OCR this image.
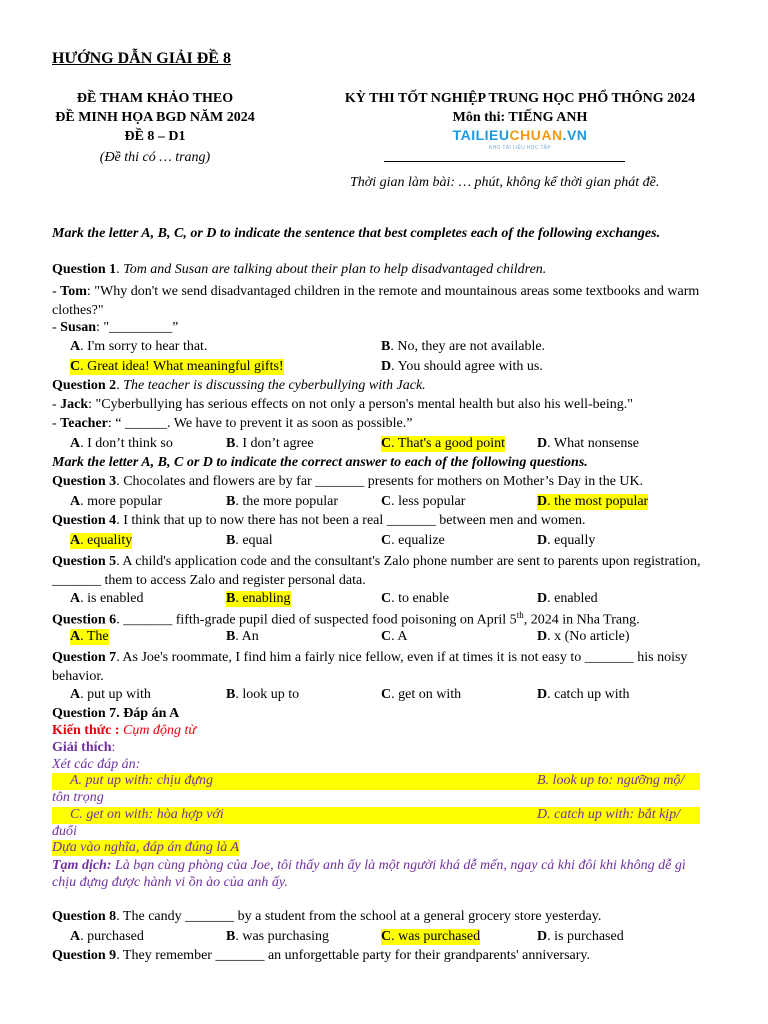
HƯỚNG DẪN GIẢI ĐỀ 8
ĐỀ THAM KHẢO THEO
ĐỀ MINH HỌA BGD NĂM 2024
ĐỀ 8 – D1
(Đề thi có … trang)
KỲ THI TỐT NGHIỆP TRUNG HỌC PHỔ THÔNG 2024
Môn thi: TIẾNG ANH
TAILIEUCHUAN.VN
KHO TÀI LIỆU HỌC TẬP
Thời gian làm bài: … phút, không kể thời gian phát đề.
Mark the letter A, B, C, or D to indicate the sentence that best completes each of the following exchanges.
Question 1. Tom and Susan are talking about their plan to help disadvantaged children.
- Tom: "Why don't we send disadvantaged children in the remote and mountainous areas some textbooks and warm clothes?"
- Susan: "_________”
A. I'm sorry to hear that.	B. No, they are not available.
C. Great idea! What meaningful gifts!	D. You should agree with us.
Question 2. The teacher is discussing the cyberbullying with Jack.
- Jack: "Cyberbullying has serious effects on not only a person's mental health but also his well-being."
- Teacher: “ ______. We have to prevent it as soon as possible.”
A. I don’t think so	B. I don’t agree	C. That's a good point D. What nonsense
Mark the letter A, B, C or D to indicate the correct answer to each of the following questions.
Question 3. Chocolates and flowers are by far _______ presents for mothers on Mother’s Day in the UK.
A. more popular	B. the more popular	C. less popular	D. the most popular
Question 4. I think that up to now there has not been a real _______ between men and women.
A. equality	B. equal	C. equalize	D. equally
Question 5. A child's application code and the consultant's Zalo phone number are sent to parents upon registration, _______ them to access Zalo and register personal data.
A. is enabled	B. enabling	C. to enable	D. enabled
Question 6. _______ fifth-grade pupil died of suspected food poisoning on April 5th, 2024 in Nha Trang.
A. The	B. An	C. A	D. x (No article)
Question 7. As Joe's roommate, I find him a fairly nice fellow, even if at times it is not easy to _______ his noisy behavior.
A. put up with	B. look up to	C. get on with	D. catch up with
Question 7. Đáp án A
Kiến thức : Cụm động từ
Giải thích:
Xét các đáp án:
A. put up with: chịu đựng	B. look up to: ngưỡng mộ/
tôn trọng
C. get on with: hòa hợp với	D. catch up with: bắt kịp/
đuổi
Dựa vào nghĩa, đáp án đúng là A
Tạm dịch: Là bạn cùng phòng của Joe, tôi thấy anh ấy là một người khá dễ mến, ngay cả khi đôi khi không dễ gì chịu đựng được hành vi ồn ào của anh ấy.
Question 8. The candy _______ by a student from the school at a general grocery store yesterday.
A. purchased	B. was purchasing	C. was purchased	D. is purchased
Question 9. They remember _______ an unforgettable party for their grandparents' anniversary.
